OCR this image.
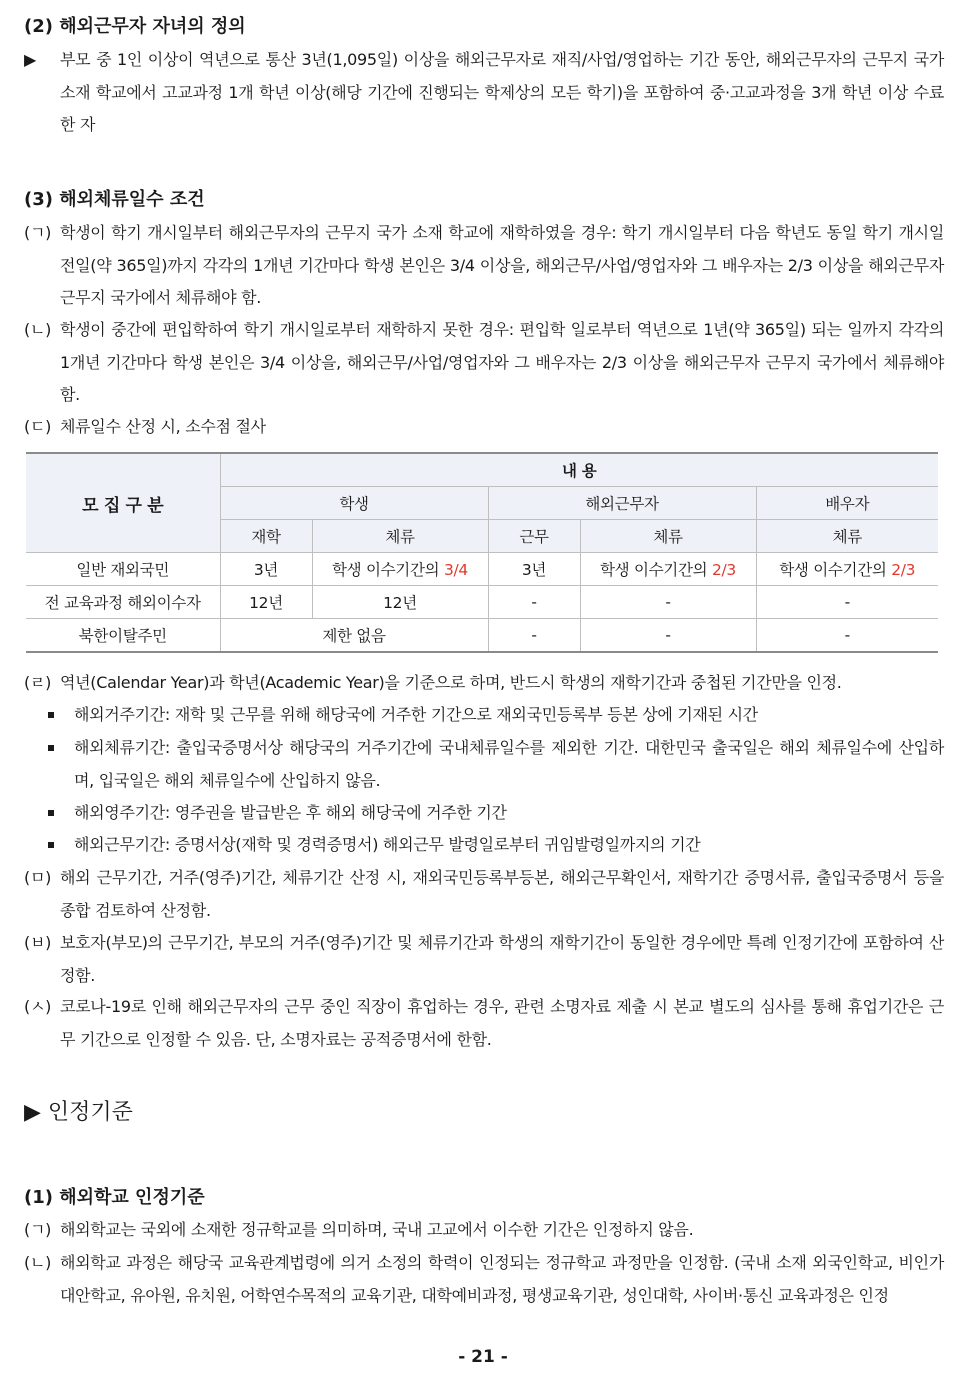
(2) 해외근무자 자녀의 정의
▶ 부모 중 1인 이상이 역년으로 통산 3년(1,095일) 이상을 해외근무자로 재직/사업/영업하는 기간 동안, 해외근무자의 근무지 국가 소재 학교에서 고교과정 1개 학년 이상(해당 기간에 진행되는 학제상의 모든 학기)을 포함하여 중·고교과정을 3개 학년 이상 수료한 자
(3) 해외체류일수 조건
(ㄱ) 학생이 학기 개시일부터 해외근무자의 근무지 국가 소재 학교에 재학하였을 경우: 학기 개시일부터 다음 학년도 동일 학기 개시일 전일(약 365일)까지 각각의 1개년 기간마다 학생 본인은 3/4 이상을, 해외근무/사업/영업자와 그 배우자는 2/3 이상을 해외근무자 근무지 국가에서 체류해야 함.
(ㄴ) 학생이 중간에 편입학하여 학기 개시일로부터 재학하지 못한 경우: 편입학 일로부터 역년으로 1년(약 365일) 되는 일까지 각각의 1개년 기간마다 학생 본인은 3/4 이상을, 해외근무/사업/영업자와 그 배우자는 2/3 이상을 해외근무자 근무지 국가에서 체류해야 함.
(ㄷ) 체류일수 산정 시, 소수점 절사
모 집 구 분	내 용				
	학생		해외근무자		배우자
	재학	체류	근무	체류	체류
일반 재외국민	3년	학생 이수기간의 3/4	3년	학생 이수기간의 2/3	학생 이수기간의 2/3
전 교육과정 해외이수자	12년	12년	-	-	-
북한이탈주민	제한 없음		-	-	-
(ㄹ) 역년(Calendar Year)과 학년(Academic Year)을 기준으로 하며, 반드시 학생의 재학기간과 중첩된 기간만을 인정.
해외거주기간: 재학 및 근무를 위해 해당국에 거주한 기간으로 재외국민등록부 등본 상에 기재된 시간
해외체류기간: 출입국증명서상 해당국의 거주기간에 국내체류일수를 제외한 기간. 대한민국 출국일은 해외 체류일수에 산입하며, 입국일은 해외 체류일수에 산입하지 않음.
해외영주기간: 영주권을 발급받은 후 해외 해당국에 거주한 기간
해외근무기간: 증명서상(재학 및 경력증명서) 해외근무 발령일로부터 귀임발령일까지의 기간
(ㅁ) 해외 근무기간, 거주(영주)기간, 체류기간 산정 시, 재외국민등록부등본, 해외근무확인서, 재학기간 증명서류, 출입국증명서 등을 종합 검토하여 산정함.
(ㅂ) 보호자(부모)의 근무기간, 부모의 거주(영주)기간 및 체류기간과 학생의 재학기간이 동일한 경우에만 특례 인정기간에 포함하여 산정함.
(ㅅ) 코로나-19로 인해 해외근무자의 근무 중인 직장이 휴업하는 경우, 관련 소명자료 제출 시 본교 별도의 심사를 통해 휴업기간은 근무 기간으로 인정할 수 있음. 단, 소명자료는 공적증명서에 한함.
▶ 인정기준
(1) 해외학교 인정기준
(ㄱ) 해외학교는 국외에 소재한 정규학교를 의미하며, 국내 고교에서 이수한 기간은 인정하지 않음.
(ㄴ) 해외학교 과정은 해당국 교육관계법령에 의거 소정의 학력이 인정되는 정규학교 과정만을 인정함. (국내 소재 외국인학교, 비인가 대안학교, 유아원, 유치원, 어학연수목적의 교육기관, 대학예비과정, 평생교육기관, 성인대학, 사이버·통신 교육과정은 인정
- 21 -
